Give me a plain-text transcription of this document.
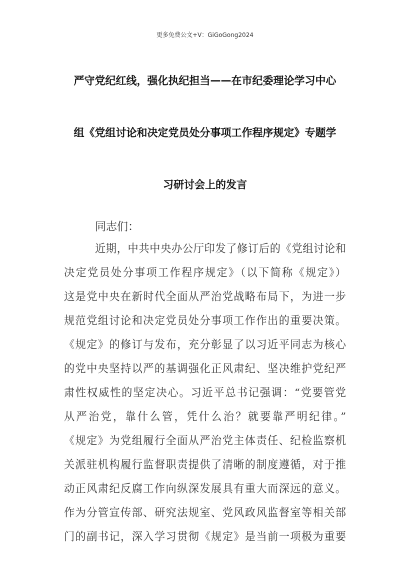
更多免费公文+V：GiGoGong2024
严守党纪红线，强化执纪担当——在市纪委理论学习中心
组《党组讨论和决定党员处分事项工作程序规定》专题学
习研讨会上的发言
同志们：
近期，中共中央办公厅印发了修订后的《党组讨论和
决定党员处分事项工作程序规定》（以下简称《规定》）
这是党中央在新时代全面从严治党战略布局下，为进一步
规范党组讨论和决定党员处分事项工作作出的重要决策。
《规定》的修订与发布，充分彰显了以习近平同志为核心
的党中央坚持以严的基调强化正风肃纪、坚决维护党纪严
肃性权威性的坚定决心。习近平总书记强调：“党要管党
从严治党，靠什么管，凭什么治？就要靠严明纪律。”
《规定》为党组履行全面从严治党主体责任、纪检监察机
关派驻机构履行监督职责提供了清晰的制度遵循，对于推
动正风肃纪反腐工作向纵深发展具有重大而深远的意义。
作为分管宣传部、研究法规室、党风政风监督室等相关部
门的副书记，深入学习贯彻《规定》是当前一项极为重要
